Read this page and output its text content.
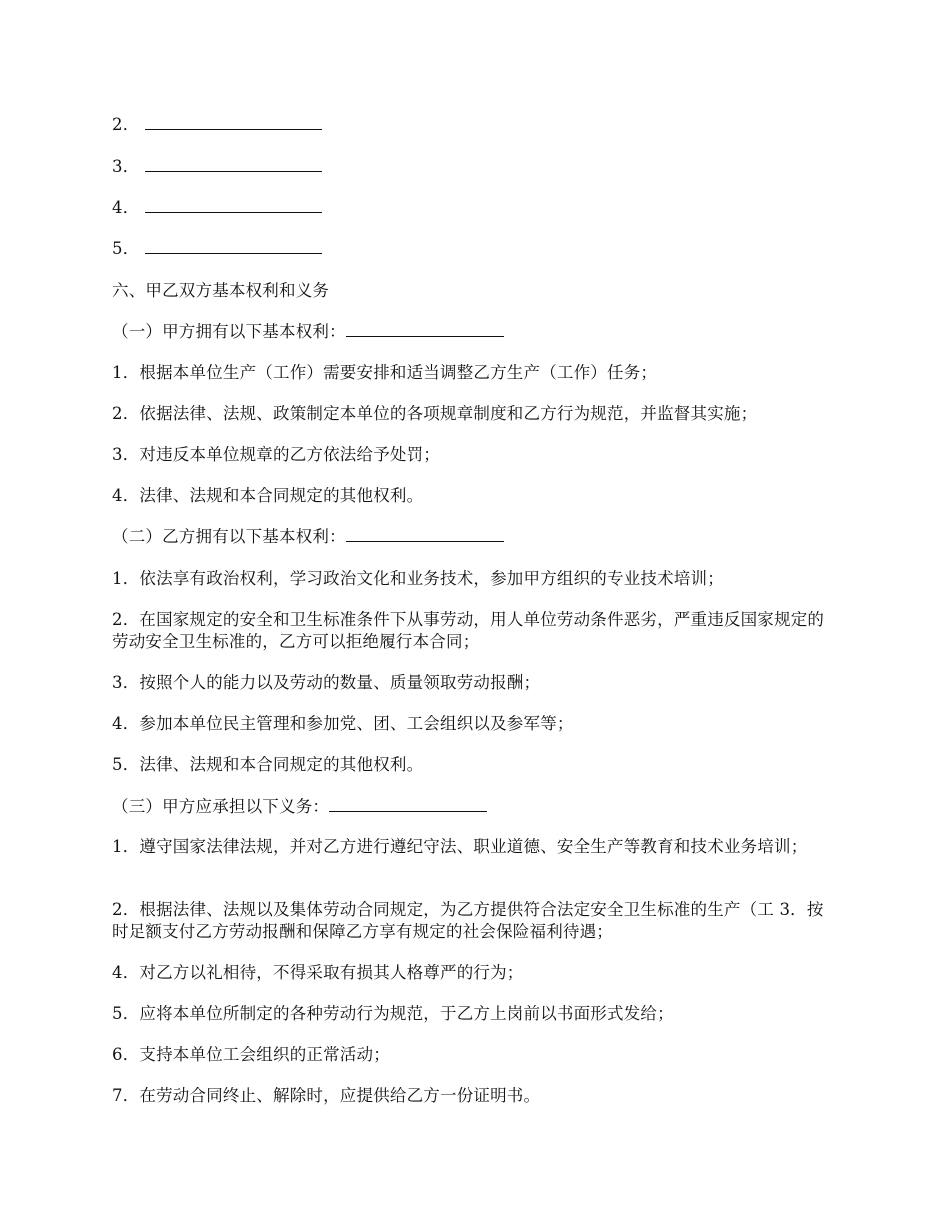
2．
3．
4．
5．
六、甲乙双方基本权利和义务
（一）甲方拥有以下基本权利：
1．根据本单位生产（工作）需要安排和适当调整乙方生产（工作）任务；
2．依据法律、法规、政策制定本单位的各项规章制度和乙方行为规范，并监督其实施；
3．对违反本单位规章的乙方依法给予处罚；
4．法律、法规和本合同规定的其他权利。
（二）乙方拥有以下基本权利：
1．依法享有政治权利，学习政治文化和业务技术，参加甲方组织的专业技术培训；
2．在国家规定的安全和卫生标准条件下从事劳动，用人单位劳动条件恶劣，严重违反国家规定的劳动安全卫生标准的，乙方可以拒绝履行本合同；
3．按照个人的能力以及劳动的数量、质量领取劳动报酬；
4．参加本单位民主管理和参加党、团、工会组织以及参军等；
5．法律、法规和本合同规定的其他权利。
（三）甲方应承担以下义务：
1．遵守国家法律法规，并对乙方进行遵纪守法、职业道德、安全生产等教育和技术业务培训；
2．根据法律、法规以及集体劳动合同规定，为乙方提供符合法定安全卫生标准的生产（工 3．按时足额支付乙方劳动报酬和保障乙方享有规定的社会保险福利待遇；
4．对乙方以礼相待，不得采取有损其人格尊严的行为；
5．应将本单位所制定的各种劳动行为规范，于乙方上岗前以书面形式发给；
6．支持本单位工会组织的正常活动；
7．在劳动合同终止、解除时，应提供给乙方一份证明书。
